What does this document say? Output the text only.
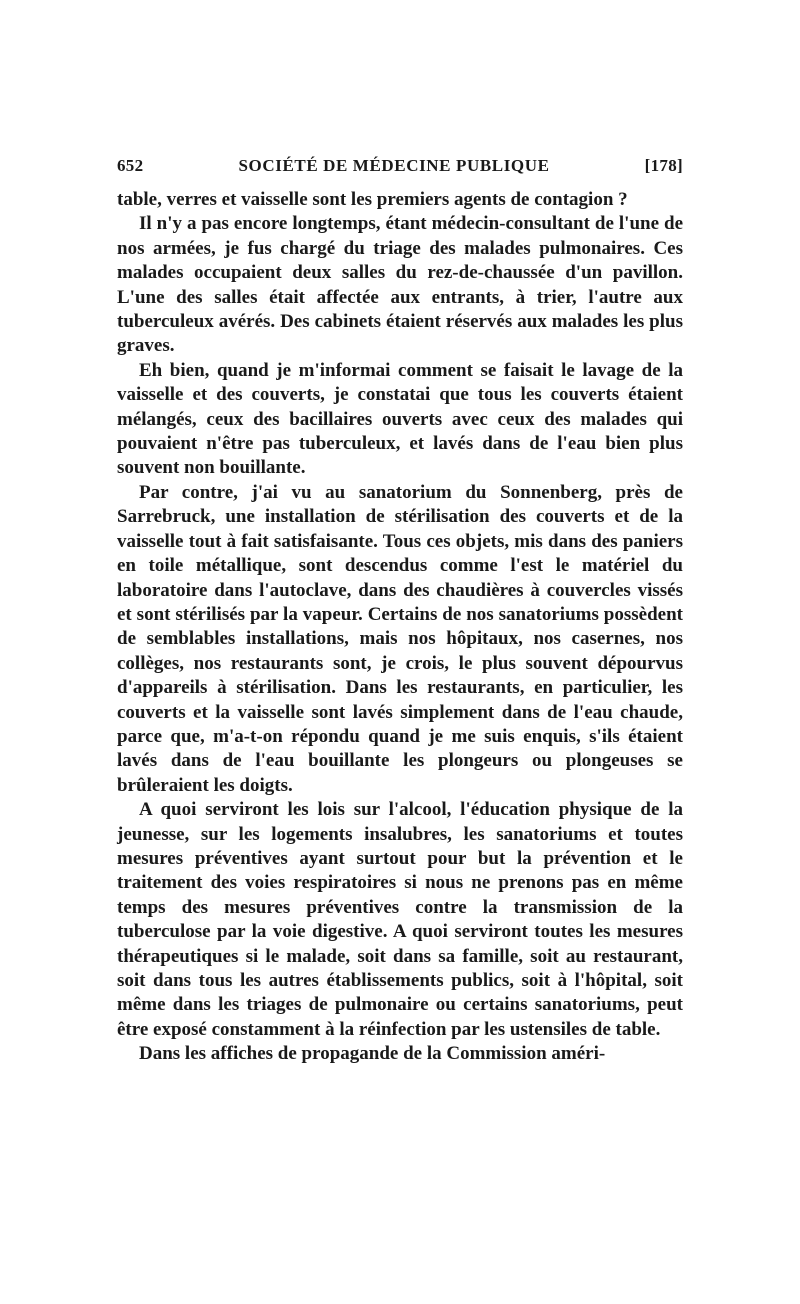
652	SOCIÉTÉ DE MÉDECINE PUBLIQUE	[178]

table, verres et vaisselle sont les premiers agents de contagion ?

Il n'y a pas encore longtemps, étant médecin-consultant de l'une de nos armées, je fus chargé du triage des malades pulmonaires. Ces malades occupaient deux salles du rez-de-chaussée d'un pavillon. L'une des salles était affectée aux entrants, à trier, l'autre aux tuberculeux avérés. Des cabinets étaient réservés aux malades les plus graves.

Eh bien, quand je m'informai comment se faisait le lavage de la vaisselle et des couverts, je constatai que tous les couverts étaient mélangés, ceux des bacillaires ouverts avec ceux des malades qui pouvaient n'être pas tuberculeux, et lavés dans de l'eau bien plus souvent non bouillante.

Par contre, j'ai vu au sanatorium du Sonnenberg, près de Sarrebruck, une installation de stérilisation des couverts et de la vaisselle tout à fait satisfaisante. Tous ces objets, mis dans des paniers en toile métallique, sont descendus comme l'est le matériel du laboratoire dans l'autoclave, dans des chaudières à couvercles vissés et sont stérilisés par la vapeur. Certains de nos sanatoriums possèdent de semblables installations, mais nos hôpitaux, nos casernes, nos collèges, nos restaurants sont, je crois, le plus souvent dépourvus d'appareils à stérilisation. Dans les restaurants, en particulier, les couverts et la vaisselle sont lavés simplement dans de l'eau chaude, parce que, m'a-t-on répondu quand je me suis enquis, s'ils étaient lavés dans de l'eau bouillante les plongeurs ou plongeuses se brûleraient les doigts.

A quoi serviront les lois sur l'alcool, l'éducation physique de la jeunesse, sur les logements insalubres, les sanatoriums et toutes mesures préventives ayant surtout pour but la prévention et le traitement des voies respiratoires si nous ne prenons pas en même temps des mesures préventives contre la transmission de la tuberculose par la voie digestive. A quoi serviront toutes les mesures thérapeutiques si le malade, soit dans sa famille, soit au restaurant, soit dans tous les autres établissements publics, soit à l'hôpital, soit même dans les triages de pulmonaire ou certains sanatoriums, peut être exposé constamment à la réinfection par les ustensiles de table.

Dans les affiches de propagande de la Commission améri-
